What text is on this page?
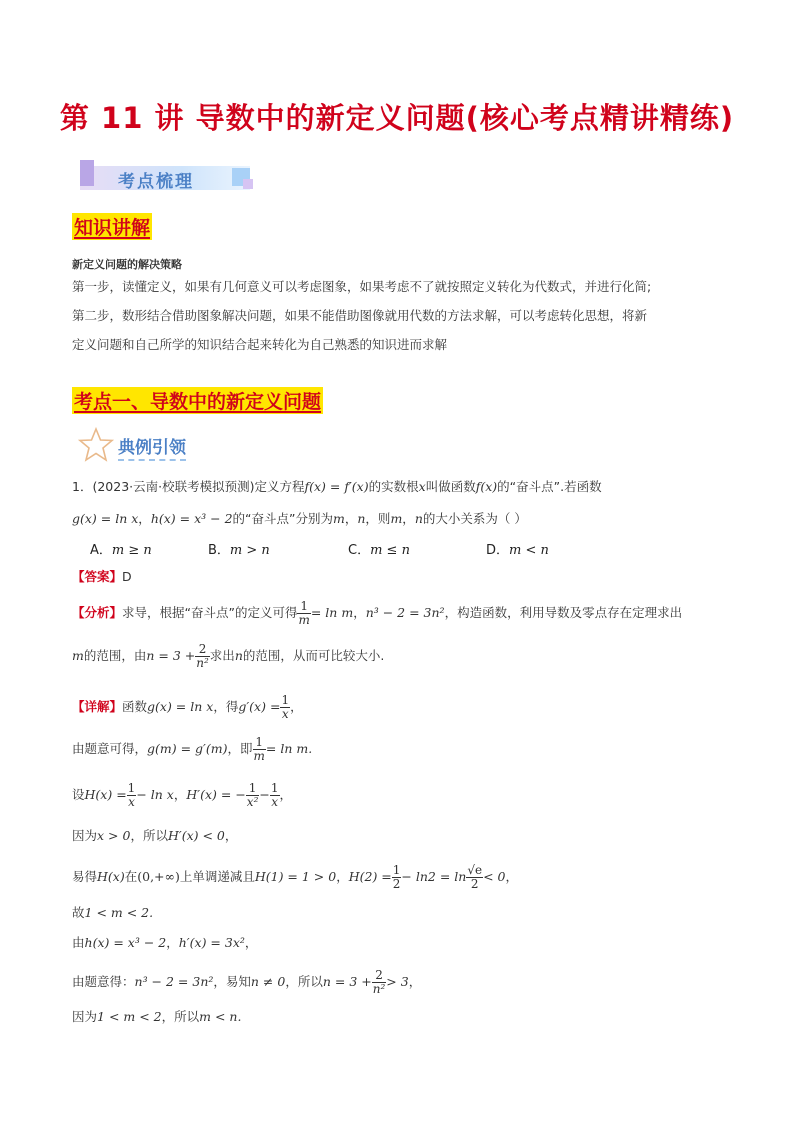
第 11 讲 导数中的新定义问题(核心考点精讲精练)
考点梳理
知识讲解
新定义问题的解决策略
第一步，读懂定义，如果有几何意义可以考虑图象，如果考虑不了就按照定义转化为代数式，并进行化简;
第二步，数形结合借助图象解决问题，如果不能借助图像就用代数的方法求解，可以考虑转化思想，将新
定义问题和自己所学的知识结合起来转化为自己熟悉的知识进而求解
考点一、导数中的新定义问题
典例引领
1．(2023·云南·校联考模拟预测)定义方程f(x) = f′(x)的实数根x叫做函数f(x)的“奋斗点”.若函数
g(x) = ln x，h(x) = x³ − 2的“奋斗点”分别为m，n，则m，n的大小关系为（ ）
A．m ≥ n	B．m > n	C．m ≤ n	D．m < n
【答案】D
【分析】求导，根据“奋斗点”的定义可得 $\frac{1}{m} = \ln m$，n³ − 2 = 3n²，构造函数，利用导数及零点存在定理求出
m的范围，由$n = 3 + \frac{2}{\text{n²}}$ 求出n的范围，从而可比较大小.
【详解】函数g(x) = ln x，得$g'(x) = \frac{1}{x}$ ，
由题意可得，g(m) = g′(m)，即 $\frac{1}{m} = \ln m$.
设$H(x) = \frac{1}{x} - \ln x$，H′(x) = − $\frac{1}{\text{x²}} - \frac{1}{x}$ ，
因为x > 0，所以H′(x) < 0，
易得H(x)在(0,+∞)上单调递减且H(1) = 1 > 0，$H(2) = \frac{1}{2} - \ln 2 = \ln \frac{√e}{2} < 0$，
故1 < m < 2.
由h(x) = x³ − 2，h′(x) = 3x²，
由题意得：n³ − 2 = 3n²，易知n ≠ 0，所以$n = 3 + \frac{2}{\text{n²}} > 3$，
因为1 < m < 2，所以m < n.
